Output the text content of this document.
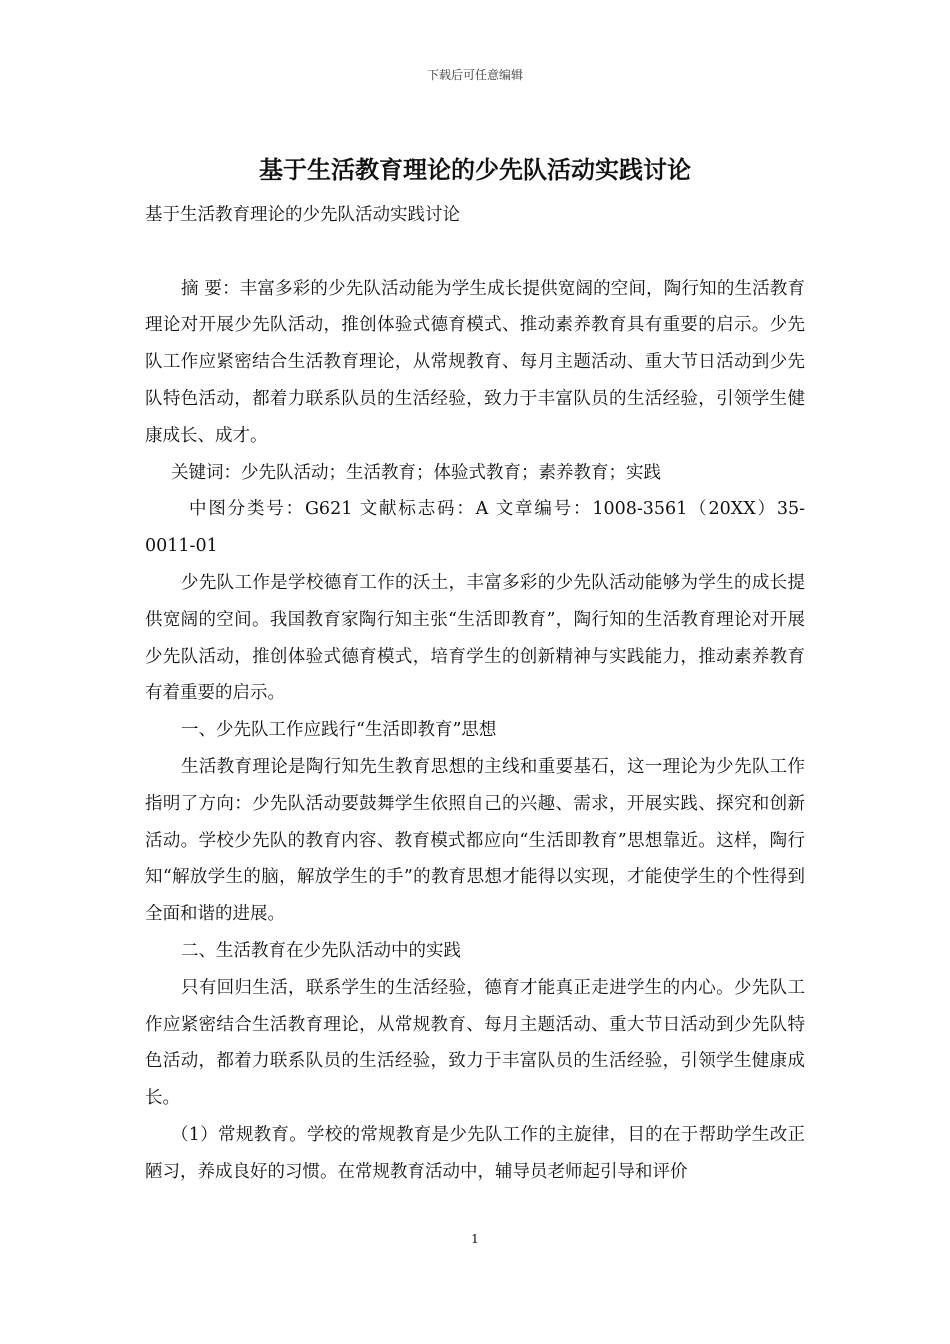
下载后可任意编辑
基于生活教育理论的少先队活动实践讨论

基于生活教育理论的少先队活动实践讨论

摘 要：丰富多彩的少先队活动能为学生成长提供宽阔的空间，陶行知的生活教育理论对开展少先队活动，推创体验式德育模式、推动素养教育具有重要的启示。少先队工作应紧密结合生活教育理论，从常规教育、每月主题活动、重大节日活动到少先队特色活动，都着力联系队员的生活经验，致力于丰富队员的生活经验，引领学生健康成长、成才。

关键词：少先队活动；生活教育；体验式教育；素养教育；实践

中图分类号：G621 文献标志码：A 文章编号：1008-3561（20XX）35-0011-01

少先队工作是学校德育工作的沃土，丰富多彩的少先队活动能够为学生的成长提供宽阔的空间。我国教育家陶行知主张“生活即教育”，陶行知的生活教育理论对开展少先队活动，推创体验式德育模式，培育学生的创新精神与实践能力，推动素养教育有着重要的启示。

一、少先队工作应践行“生活即教育”思想

生活教育理论是陶行知先生教育思想的主线和重要基石，这一理论为少先队工作指明了方向：少先队活动要鼓舞学生依照自己的兴趣、需求，开展实践、探究和创新活动。学校少先队的教育内容、教育模式都应向“生活即教育”思想靠近。这样，陶行知“解放学生的脑，解放学生的手”的教育思想才能得以实现，才能使学生的个性得到全面和谐的进展。

二、生活教育在少先队活动中的实践

只有回归生活，联系学生的生活经验，德育才能真正走进学生的内心。少先队工作应紧密结合生活教育理论，从常规教育、每月主题活动、重大节日活动到少先队特色活动，都着力联系队员的生活经验，致力于丰富队员的生活经验，引领学生健康成长。

（1）常规教育。学校的常规教育是少先队工作的主旋律，目的在于帮助学生改正陋习，养成良好的习惯。在常规教育活动中，辅导员老师起引导和评价

1
